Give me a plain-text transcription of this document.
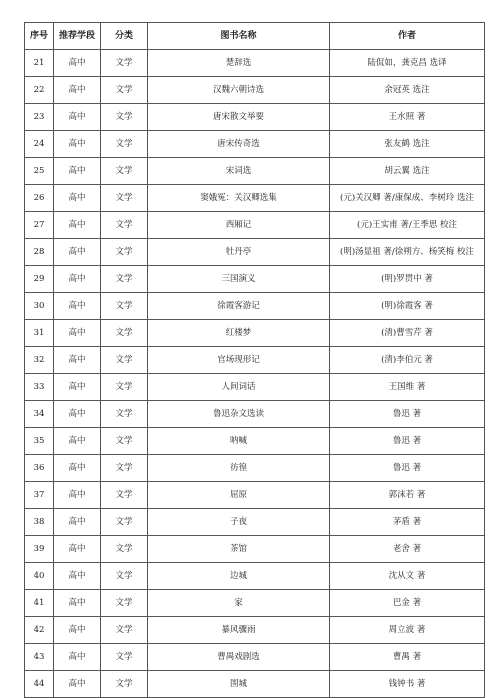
序号	推荐学段	分类	图书名称	作者
21	高中	文学	楚辞选	陆侃如，龚克昌 选译
22	高中	文学	汉魏六朝诗选	余冠英 选注
23	高中	文学	唐宋散文举要	王水照 著
24	高中	文学	唐宋传奇选	张友鹤 选注
25	高中	文学	宋词选	胡云翼 选注
26	高中	文学	窦娥冤：关汉卿选集	(元)关汉卿 著/康保成、李树玲 选注
27	高中	文学	西厢记	(元)王实甫 著/王季思 校注
28	高中	文学	牡丹亭	(明)汤显祖 著/徐朔方、杨笑梅 校注
29	高中	文学	三国演义	(明)罗贯中 著
30	高中	文学	徐霞客游记	(明)徐霞客 著
31	高中	文学	红楼梦	(清)曹雪芹 著
32	高中	文学	官场现形记	(清)李伯元 著
33	高中	文学	人间词话	王国维 著
34	高中	文学	鲁迅杂文选读	鲁迅 著
35	高中	文学	呐喊	鲁迅 著
36	高中	文学	彷徨	鲁迅 著
37	高中	文学	屈原	郭沫若 著
38	高中	文学	子夜	茅盾 著
39	高中	文学	茶馆	老舍 著
40	高中	文学	边城	沈从文 著
41	高中	文学	家	巴金 著
42	高中	文学	暴风骤雨	周立波 著
43	高中	文学	曹禺戏剧选	曹禺 著
44	高中	文学	围城	钱钟书 著
